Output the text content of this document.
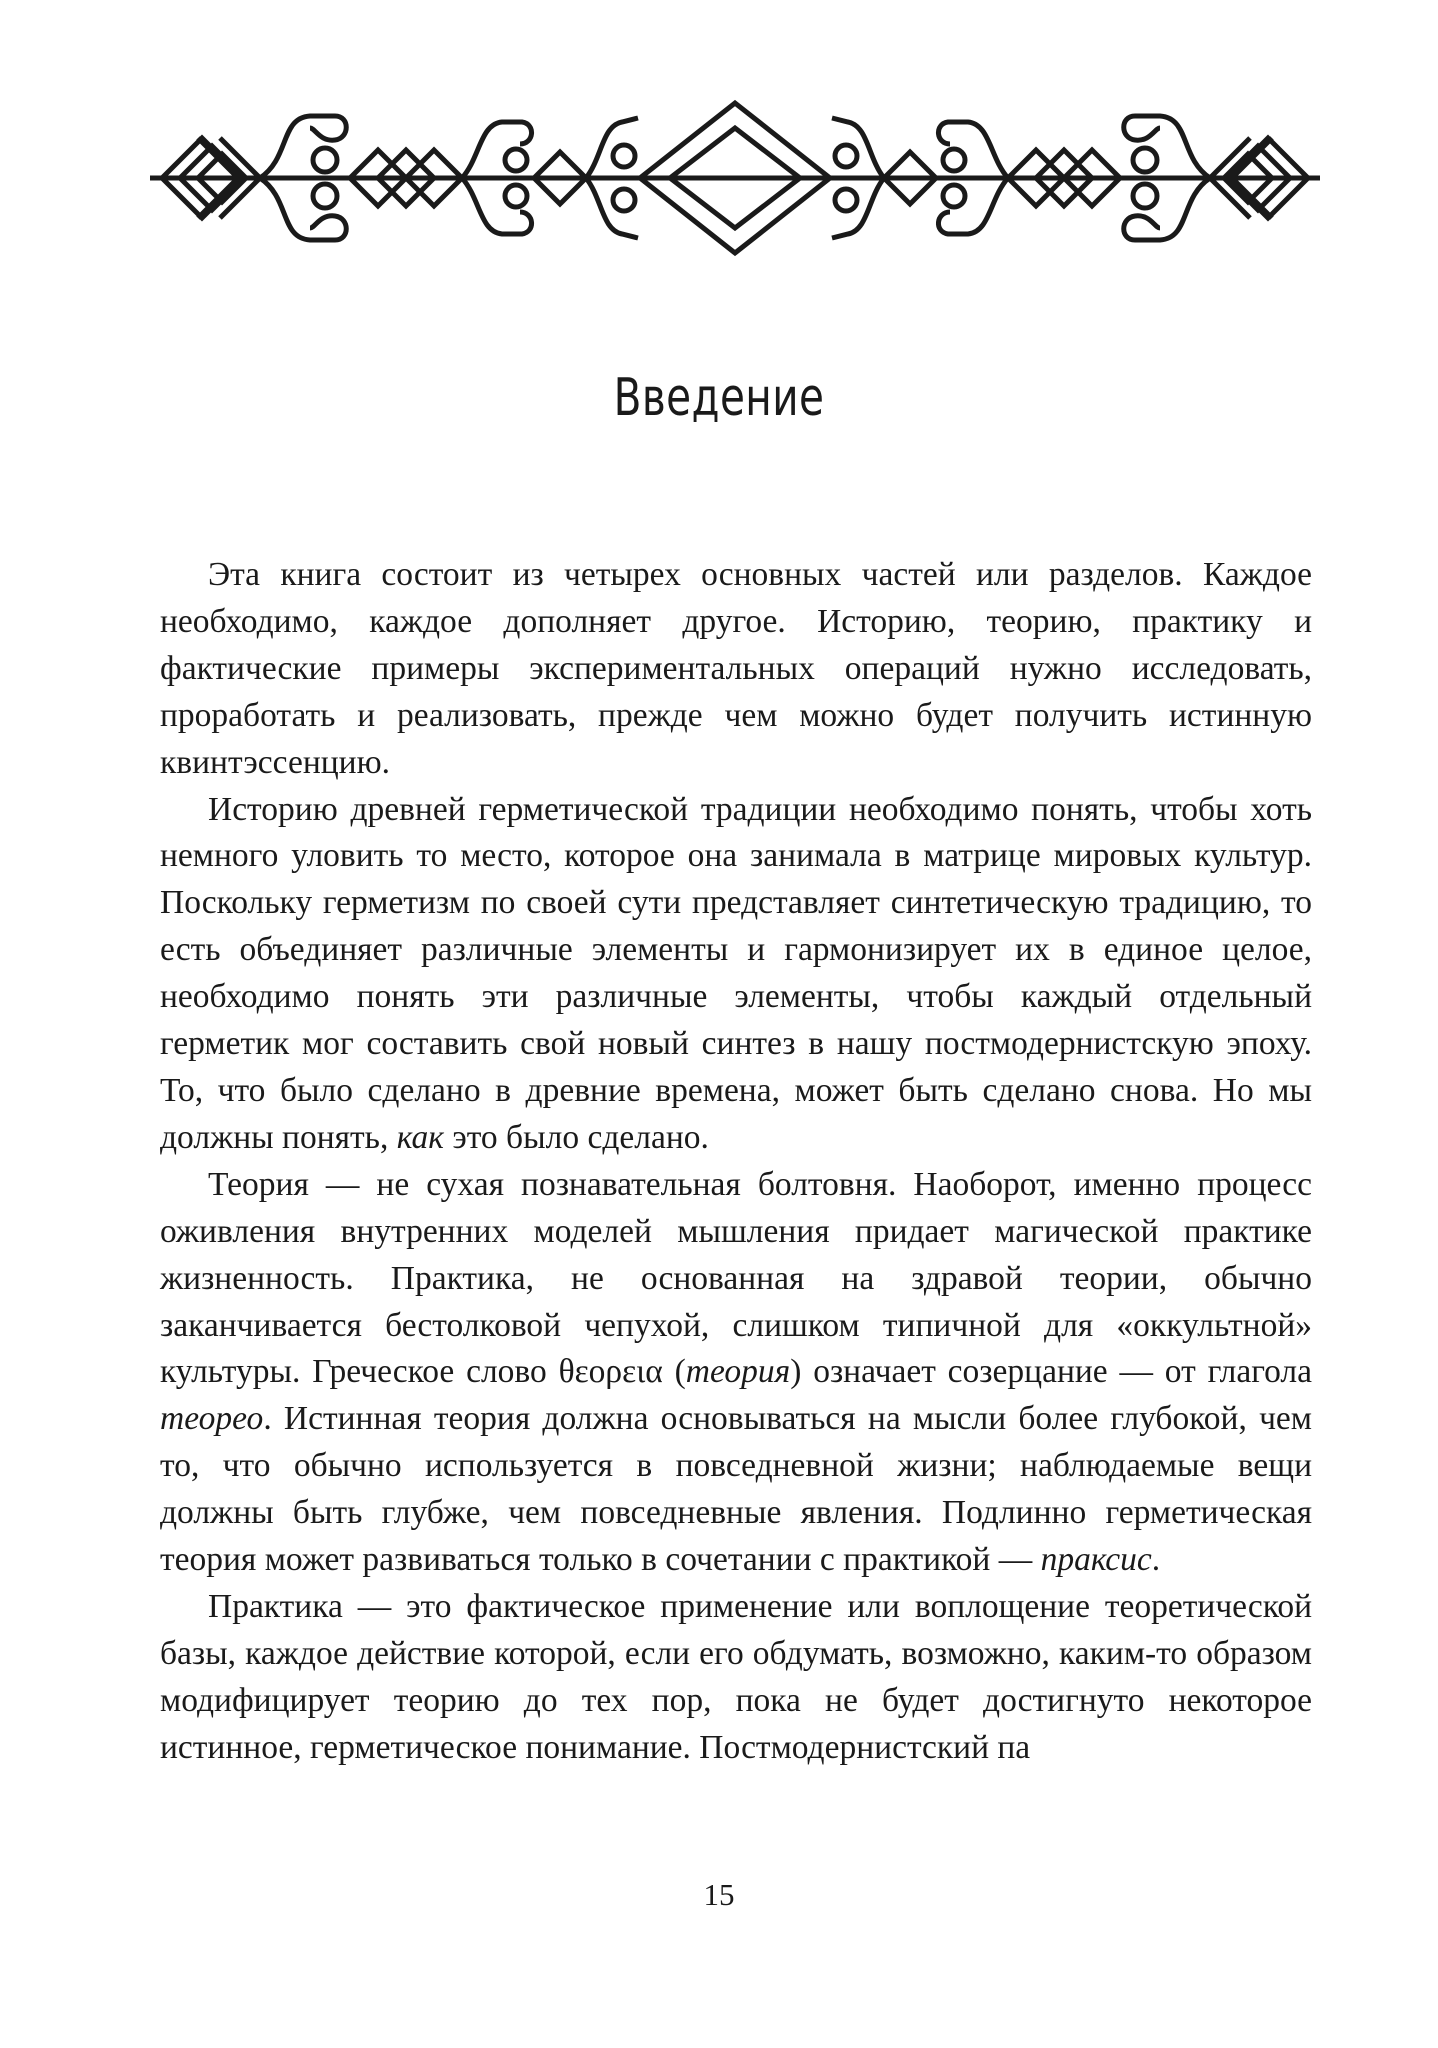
Введение

Эта книга состоит из четырех основных частей или разделов. Каждое необходимо, каждое дополняет другое. Историю, теорию, практику и фактические примеры экспериментальных операций нужно исследовать, проработать и реализовать, прежде чем можно будет получить истинную квинтэссенцию.

Историю древней герметической традиции необходимо понять, чтобы хоть немного уловить то место, которое она занимала в матрице мировых культур. Поскольку герметизм по своей сути представляет синтетическую традицию, то есть объединяет различные элементы и гармонизирует их в единое целое, необходимо понять эти различные элементы, чтобы каждый отдельный герметик мог составить свой новый синтез в нашу постмодернистскую эпоху. То, что было сделано в древние времена, может быть сделано снова. Но мы должны понять, как это было сделано.

Теория — не сухая познавательная болтовня. Наоборот, именно процесс оживления внутренних моделей мышления придает магической практике жизненность. Практика, не основанная на здравой теории, обычно заканчивается бестолковой чепухой, слишком типичной для «оккультной» культуры. Греческое слово θεορεια (теория) означает созерцание — от глагола теорео. Истинная теория должна основываться на мысли более глубокой, чем то, что обычно используется в повседневной жизни; наблюдаемые вещи должны быть глубже, чем повседневные явления. Подлинно герметическая теория может развиваться только в сочетании с практикой — праксис.

Практика — это фактическое применение или воплощение теоретической базы, каждое действие которой, если его обдумать, возможно, каким-то образом модифицирует теорию до тех пор, пока не будет достигнуто некоторое истинное, герметическое понимание. Постмодернистский па

15
